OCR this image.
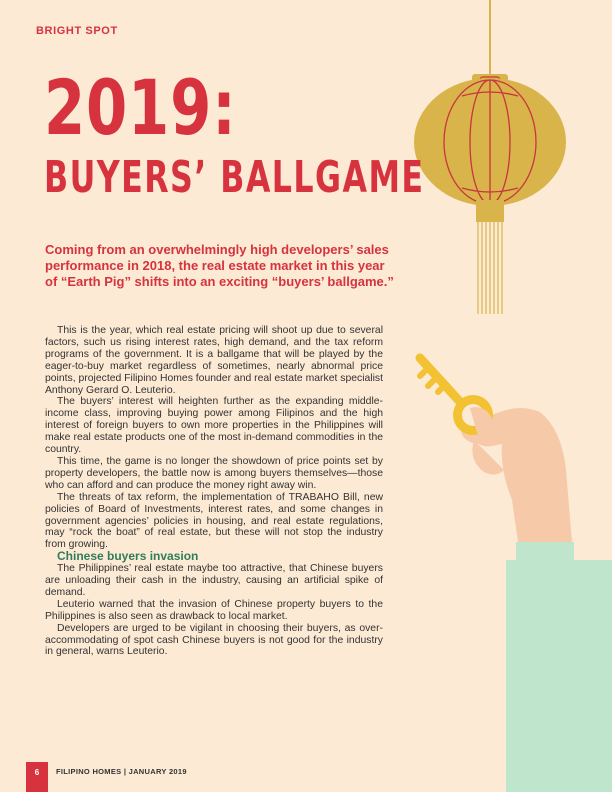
BRIGHT SPOT
2019:
BUYERS’ BALLGAME
Coming from an overwhelmingly high developers’ sales performance in 2018, the real estate market in this year of “Earth Pig” shifts into an exciting “buyers’ ballgame.”

This is the year, which real estate pricing will shoot up due to several factors, such us rising interest rates, high demand, and the tax reform programs of the government. It is a ballgame that will be played by the eager-to-buy market regardless of sometimes, nearly abnormal price points, projected Filipino Homes founder and real estate market specialist Anthony Gerard O. Leuterio.

The buyers’ interest will heighten further as the expanding middle-income class, improving buying power among Filipinos and the high interest of foreign buyers to own more properties in the Philippines will make real estate products one of the most in-demand commodities in the country.

This time, the game is no longer the showdown of price points set by property developers, the battle now is among buyers themselves—those who can afford and can produce the money right away win.

The threats of tax reform, the implementation of TRABAHO Bill, new policies of Board of Investments, interest rates, and some changes in government agencies’ policies in housing, and real estate regulations, may “rock the boat” of real estate, but these will not stop the industry from growing.

Chinese buyers invasion

The Philippines’ real estate maybe too attractive, that Chinese buyers are unloading their cash in the industry, causing an artificial spike of demand.

Leuterio warned that the invasion of Chinese property buyers to the Philippines is also seen as drawback to local market.

Developers are urged to be vigilant in choosing their buyers, as over-accommodating of spot cash Chinese buyers is not good for the industry in general, warns Leuterio.

6	FILIPINO HOMES | JANUARY 2019
